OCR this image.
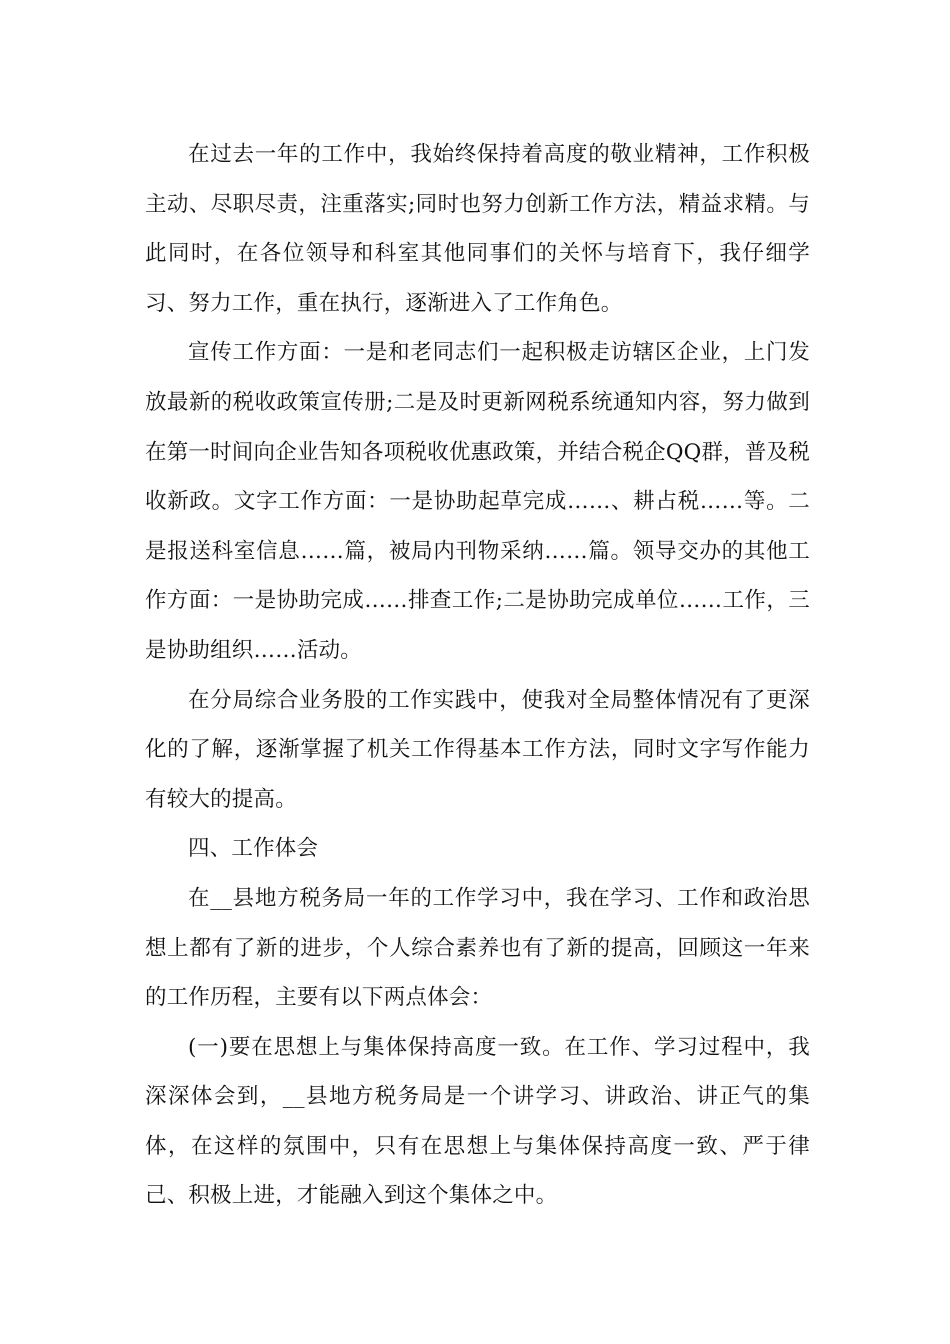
在过去一年的工作中，我始终保持着高度的敬业精神，工作积极主动、尽职尽责，注重落实;同时也努力创新工作方法，精益求精。与此同时，在各位领导和科室其他同事们的关怀与培育下，我仔细学习、努力工作，重在执行，逐渐进入了工作角色。

宣传工作方面：一是和老同志们一起积极走访辖区企业，上门发放最新的税收政策宣传册;二是及时更新网税系统通知内容，努力做到在第一时间向企业告知各项税收优惠政策，并结合税企QQ群，普及税收新政。文字工作方面：一是协助起草完成……、耕占税……等。二是报送科室信息……篇，被局内刊物采纳……篇。领导交办的其他工作方面：一是协助完成……排查工作;二是协助完成单位……工作，三是协助组织……活动。

在分局综合业务股的工作实践中，使我对全局整体情况有了更深化的了解，逐渐掌握了机关工作得基本工作方法，同时文字写作能力有较大的提高。

四、工作体会

在__县地方税务局一年的工作学习中，我在学习、工作和政治思想上都有了新的进步，个人综合素养也有了新的提高，回顾这一年来的工作历程，主要有以下两点体会：

(一)要在思想上与集体保持高度一致。在工作、学习过程中，我深深体会到，__县地方税务局是一个讲学习、讲政治、讲正气的集体，在这样的氛围中，只有在思想上与集体保持高度一致、严于律己、积极上进，才能融入到这个集体之中。
